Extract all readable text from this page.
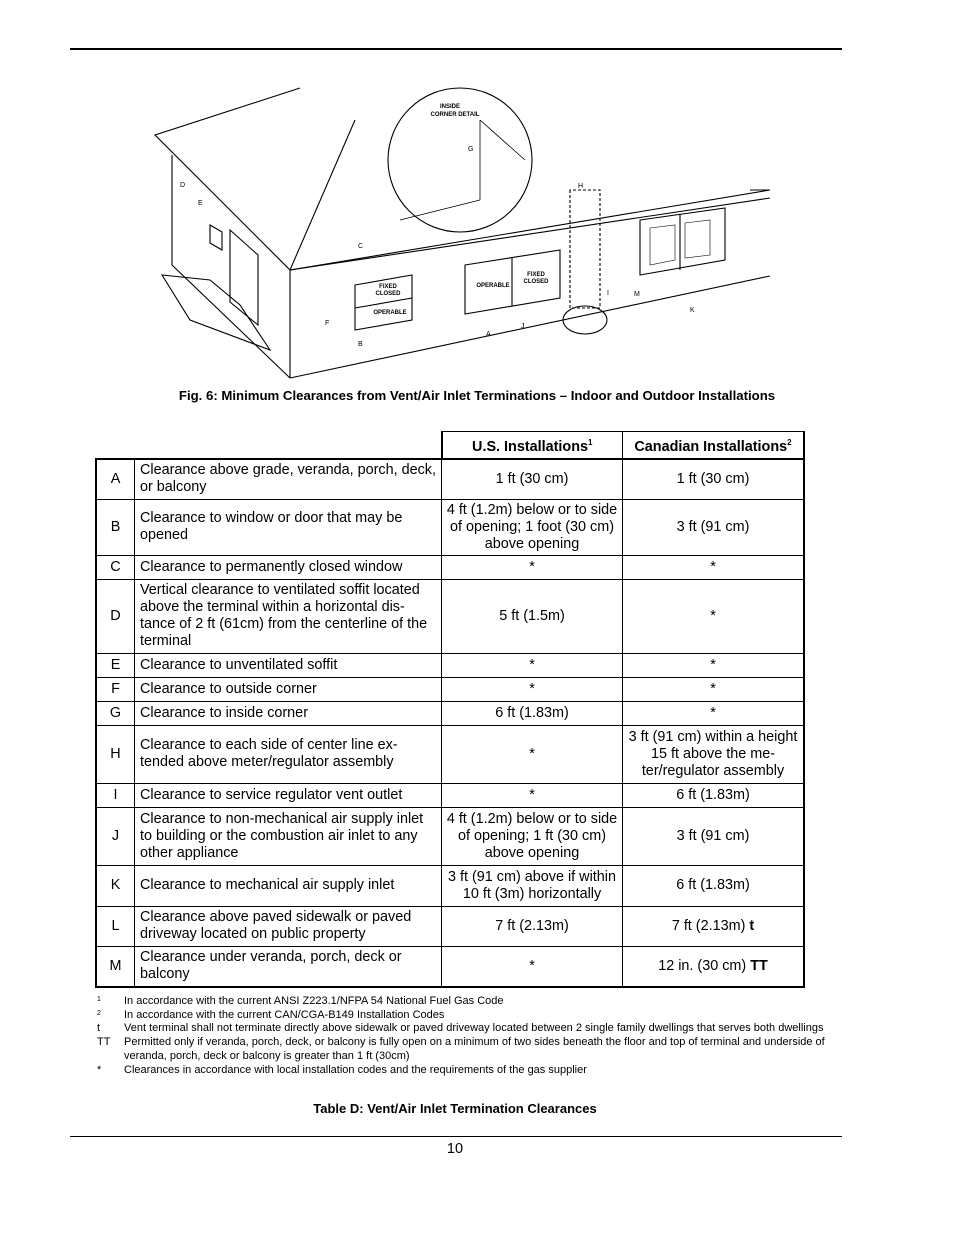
INSIDE
CORNER DETAIL
FIXED
CLOSED
OPERABLE
OPERABLE
FIXED
CLOSED
D
E
C
F
B
A
J
K
M
H
I
G
Fig. 6: Minimum Clearances from Vent/Air Inlet Terminations – Indoor and Outdoor Installations
		U.S. Installations$^1$	Canadian Installations$^2$
A	Clearance above grade, veranda, porch, deck, or balcony	1 ft (30 cm)	1 ft (30 cm)
B	Clearance to window or door that may be opened	4 ft (1.2m) below or to side of opening; 1 foot (30 cm) above opening	3 ft (91 cm)
C	Clearance to permanently closed window	*	*
D	Vertical clearance to ventilated soffit located above the terminal within a horizontal dis-tance of 2 ft (61cm) from the centerline of the terminal	5 ft (1.5m)	*
E	Clearance to unventilated soffit	*	*
F	Clearance to outside corner	*	*
G	Clearance to inside corner	6 ft (1.83m)	*
H	Clearance to each side of center line ex-tended above meter/regulator assembly	*	3 ft (91 cm) within a height 15 ft above the me-ter/regulator assembly
I	Clearance to service regulator vent outlet	*	6 ft (1.83m)
J	Clearance to non-mechanical air supply inlet to building or the combustion air inlet to any other appliance	4 ft (1.2m) below or to side of opening; 1 ft (30 cm) above opening	3 ft (91 cm)
K	Clearance to mechanical air supply inlet	3 ft (91 cm) above if within 10 ft (3m) horizontally	6 ft (1.83m)
L	Clearance above paved sidewalk or paved driveway located on public property	7 ft (2.13m)	7 ft (2.13m) t
M	Clearance under veranda, porch, deck or balcony	*	12 in. (30 cm) TT
1	In accordance with the current ANSI Z223.1/NFPA 54 National Fuel Gas Code
2	In accordance with the current CAN/CGA-B149 Installation Codes
t	Vent terminal shall not terminate directly above sidewalk or paved driveway located between 2 single family dwellings that serves both dwellings
TT	Permitted only if veranda, porch, deck, or balcony is fully open on a minimum of two sides beneath the floor and top of terminal and underside of veranda, porch, deck or balcony is greater than 1 ft (30cm)
*	Clearances in accordance with local installation codes and the requirements of the gas supplier
Table D: Vent/Air Inlet Termination Clearances
10
